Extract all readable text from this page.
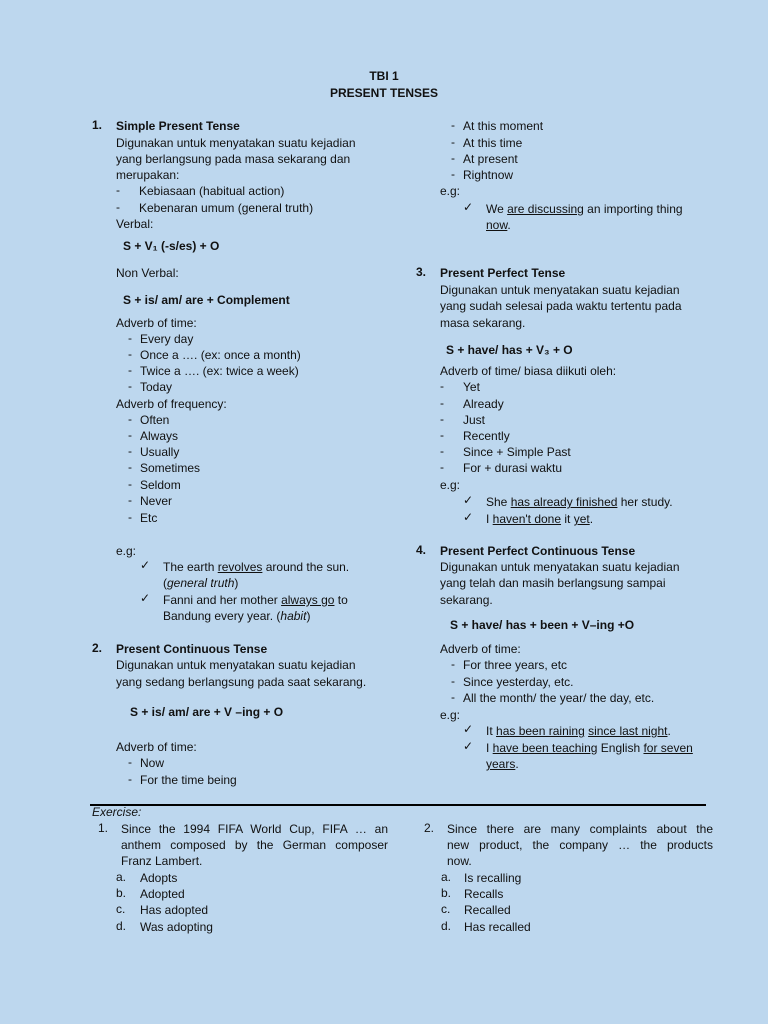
TBI 1
PRESENT TENSES
1. Simple Present Tense
Digunakan untuk menyatakan suatu kejadian
yang berlangsung pada masa sekarang dan
merupakan:
- Kebiasaan (habitual action)
- Kebenaran umum (general truth)
Verbal:
S + V₁ (-s/es) + O
Non Verbal:
S + is/ am/ are + Complement
Adverb of time:
- Every day
- Once a …. (ex: once a month)
- Twice a …. (ex: twice a week)
- Today
Adverb of frequency:
- Often
- Always
- Usually
- Sometimes
- Seldom
- Never
- Etc
e.g:
✓ The earth revolves around the sun.
(general truth)
✓ Fanni and her mother always go to
Bandung every year. (habit)
2. Present Continuous Tense
Digunakan untuk menyatakan suatu kejadian
yang sedang berlangsung pada saat sekarang.
S + is/ am/ are + V –ing + O
Adverb of time:
- Now
- For the time being
- At this moment
- At this time
- At present
- Rightnow
e.g:
✓ We are discussing an importing thing
now.
3. Present Perfect Tense
Digunakan untuk menyatakan suatu kejadian
yang sudah selesai pada waktu tertentu pada
masa sekarang.
S + have/ has + V₃ + O
Adverb of time/ biasa diikuti oleh:
- Yet
- Already
- Just
- Recently
- Since + Simple Past
- For + durasi waktu
e.g:
✓ She has already finished her study.
✓ I haven't done it yet.
4. Present Perfect Continuous Tense
Digunakan untuk menyatakan suatu kejadian
yang telah dan masih berlangsung sampai
sekarang.
S + have/ has + been + V–ing +O
Adverb of time:
- For three years, etc
- Since yesterday, etc.
- All the month/ the year/ the day, etc.
e.g:
✓ It has been raining since last night.
✓ I have been teaching English for seven
years.
Exercise:
1. Since the 1994 FIFA World Cup, FIFA … an
anthem composed by the German composer
Franz Lambert.
a. Adopts
b. Adopted
c. Has adopted
d. Was adopting
2. Since there are many complaints about the
new product, the company … the products
now.
a. Is recalling
b. Recalls
c. Recalled
d. Has recalled
